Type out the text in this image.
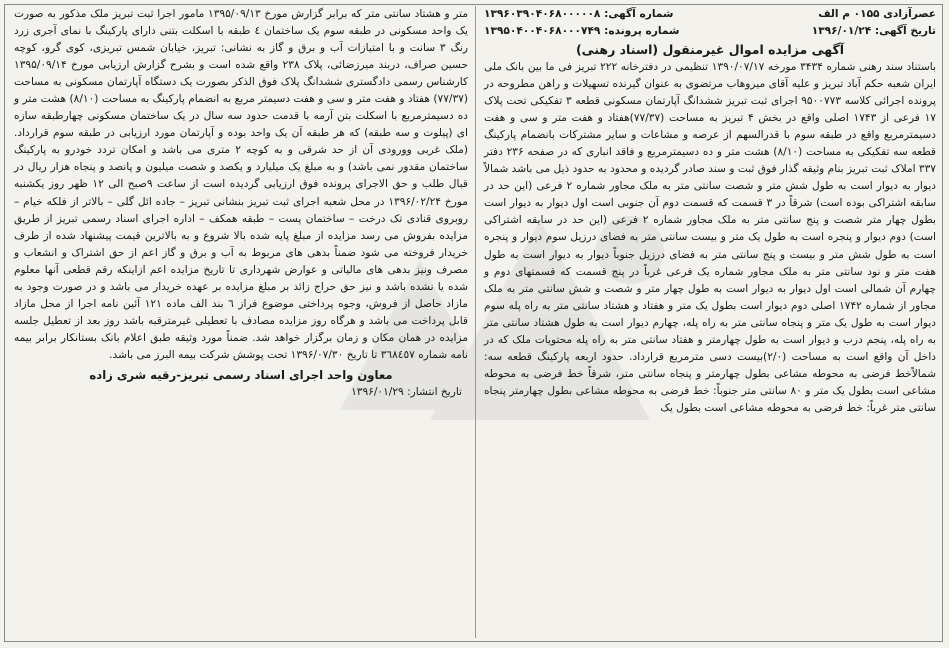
عصرآزادی ۰۱۵۵ م الف
شماره آگهی: ۱۳۹۶۰۳۹۰۴۰۶۸۰۰۰۰۰۸
تاریخ آگهی: ۱۳۹۶/۰۱/۲۴
شماره پرونده: ۱۳۹۵۰۴۰۰۴۰۶۸۰۰۰۷۴۹

آگهی مزایده اموال غیرمنقول (اسناد رهنی)

باستناد سند رهنی شماره ۳۴۳۴ مورخه ۱۳۹۰/۰۷/۱۷ تنظیمی در دفترخانه ۲۲۲ تبریز فی ما بین بانک ملی ایران شعبه حکم آباد تبریز و علیه آقای میروهاب مرتضوی به عنوان گیرنده تسهیلات و راهن مطروحه در پرونده اجرائی کلاسه ۹۵۰۰۷۷۳ اجرای ثبت تبریز ششدانگ آپارتمان مسکونی قطعه ۳ تفکیکی تحت پلاک ۱۷ فرعی از ۱۷۴۳ اصلی واقع در بخش ۴ تبریز به مساحت (۷۷/۳۷)هفتاد و هفت متر و سی و هفت دسیمترمربع واقع در طبقه سوم با قدرالسهم از عرصه و مشاعات و سایر مشترکات بانضمام پارکینگ قطعه سه تفکیکی به مساحت (۸/۱۰) هشت متر و ده دسیمترمربع و فاقد انباری که در صفحه ۲۳۶ دفتر ۳۳۷ املاک ثبت تبریز بنام وثیقه گذار فوق ثبت و سند صادر گردیده و محدود به حدود ذیل می باشد شمالاً دیوار به دیوار است به طول شش متر و شصت سانتی متر به ملک مجاور شماره ۲ فرعی (این حد در سابقه اشتراکی بوده است) شرقاً در ۳ قسمت که قسمت دوم آن جنوبی است اول دیوار به دیوار است بطول چهار متر شصت و پنج سانتی متر به ملک مجاور شماره ۲ فرعی (این حد در سابقه اشتراکی است) دوم دیوار و پنجره است به طول یک متر و بیست سانتی متر به فضای درزیل سوم دیوار و پنجره است به طول شش متر و بیست و پنج سانتی متر به فضای درزیل جنوباً دیوار به دیوار است به طول هفت متر و نود سانتی متر به ملک مجاور شماره یک فرعی غرباً در پنج قسمت که قسمتهای دوم و چهارم آن شمالی است اول دیوار به دیوار است به طول چهار متر و شصت و شش سانتی متر به ملک مجاور از شماره ۱۷۴۲ اصلی دوم دیوار است بطول یک متر و هفتاد و هشتاد سانتی متر به راه پله سوم دیوار است به طول یک متر و پنجاه سانتی متر به راه پله، چهارم دیوار است به طول هشتاد سانتی متر به راه پله، پنجم درب و دیوار است به طول چهارمتر و هفتاد سانتی متر به راه پله محتویات ملک که در داخل آن واقع است به مساحت (۲/۰)بیست دسی مترمربع قرارداد. حدود اربعه پارکینگ قطعه سه: شمالاًخط فرضی به محوطه مشاعی بطول چهارمتر و پنجاه سانتی متر، شرقاً خط فرضی به محوطه مشاعی است بطول یک متر و ۸۰ سانتی متر جنوباً: خط فرضی به محوطه مشاعی بطول چهارمتر پنجاه سانتی متر غرباً: خط فرضی به محوطه مشاعی است بطول یک

متر و هشتاد سانتی متر که برابر گزارش مورخ ۱۳۹۵/۰۹/۱۳ مامور اجرا ثبت تبریز ملک مذکور به صورت یک واحد مسکونی در طبقه سوم یک ساختمان ٤ طبقه با اسکلت بتنی دارای پارکینگ با نمای آجری زرد رنگ ۳ سانت و با امتیازات آب و برق و گاز به نشانی: تبریز، خیابان شمس تبریزی، کوی گرو، کوچه حسین صراف، دربند میرزضائی، پلاک ۲۳۸ واقع شده است و بشرح گزارش ارزیابی مورخ ۱۳۹۵/۰۹/۱۴ کارشناس رسمی دادگستری ششدانگ پلاک فوق الذکر بصورت یک دستگاه آپارتمان مسکونی به مساحت (۷۷/۳۷) هفتاد و هفت متر و سی و هفت دسیمتر مربع به انضمام پارکینگ به مساحت (۸/۱۰) هشت متر و ده دسیمترمربع با اسکلت بتن آرمه با قدمت حدود سه سال در یک ساختمان مسکونی چهارطبقه سازه ای (پیلوت و سه طبقه) که هر طبقه آن یک واحد بوده و آپارتمان مورد ارزیابی در طبقه سوم قرارداد. (ملک غربی وورودی آن از حد شرقی و به کوچه ۲ متری می باشد و امکان تردد خودرو به پارکینگ ساختمان مقدور نمی باشد) و به مبلغ یک میلیارد و یکصد و شصت میلیون و پانصد و پنجاه هزار ریال در قبال طلب و حق الاجرای پرونده فوق ارزیابی گردیده است از ساعت ۹صبح الی ۱۲ ظهر روز یکشنبه مورخ ۱۳۹۶/۰۲/۲۴ در محل شعبه اجرای ثبت تبریز بنشانی تبریز – جاده ائل گلی – بالاتر از فلکه خیام – روبروی قنادی تک درخت – ساختمان پست – طبقه همکف – اداره اجرای اسناد رسمی تبریز از طریق مزایده بفروش می رسد مزایده از مبلغ پایه شده بالا شروع و به بالاترین قیمت پیشنهاد شده از طرف خریدار فروخته می شود ضمناً بدهی های مربوط به آب و برق و گاز اعم از حق اشتراک و انشعاب و مصرف ونیز بدهی های مالیاتی و عوارض شهرداری تا تاریخ مزایده اعم ازاینکه رقم قطعی آنها معلوم شده یا نشده باشد و نیز حق حراج زائد بر مبلغ مزایده بر عهده خریدار می باشد و در صورت وجود به مازاد حاصل از فروش، وجوه پرداختی موضوع فراز ٦ بند الف ماده ۱۲۱ آئین نامه اجرا از محل مازاد قابل پرداخت می باشد و هرگاه روز مزایده مصادف با تعطیلی غیرمترقبه باشد روز بعد از تعطیل جلسه مزایده در همان مکان و زمان برگزار خواهد شد. ضمناً مورد وثیقه طبق اعلام بانک بستانکار برابر بیمه نامه شماره ۳٦٨٤٥٧ تا تاریخ ۱۳۹۶/۰۷/۳۰ تحت پوشش شرکت بیمه البرز می باشد.

معاون واحد اجرای اسناد رسمی تبریز-رقیه شری زاده
تاریخ انتشار: ۱۳۹۶/۰۱/۲۹
